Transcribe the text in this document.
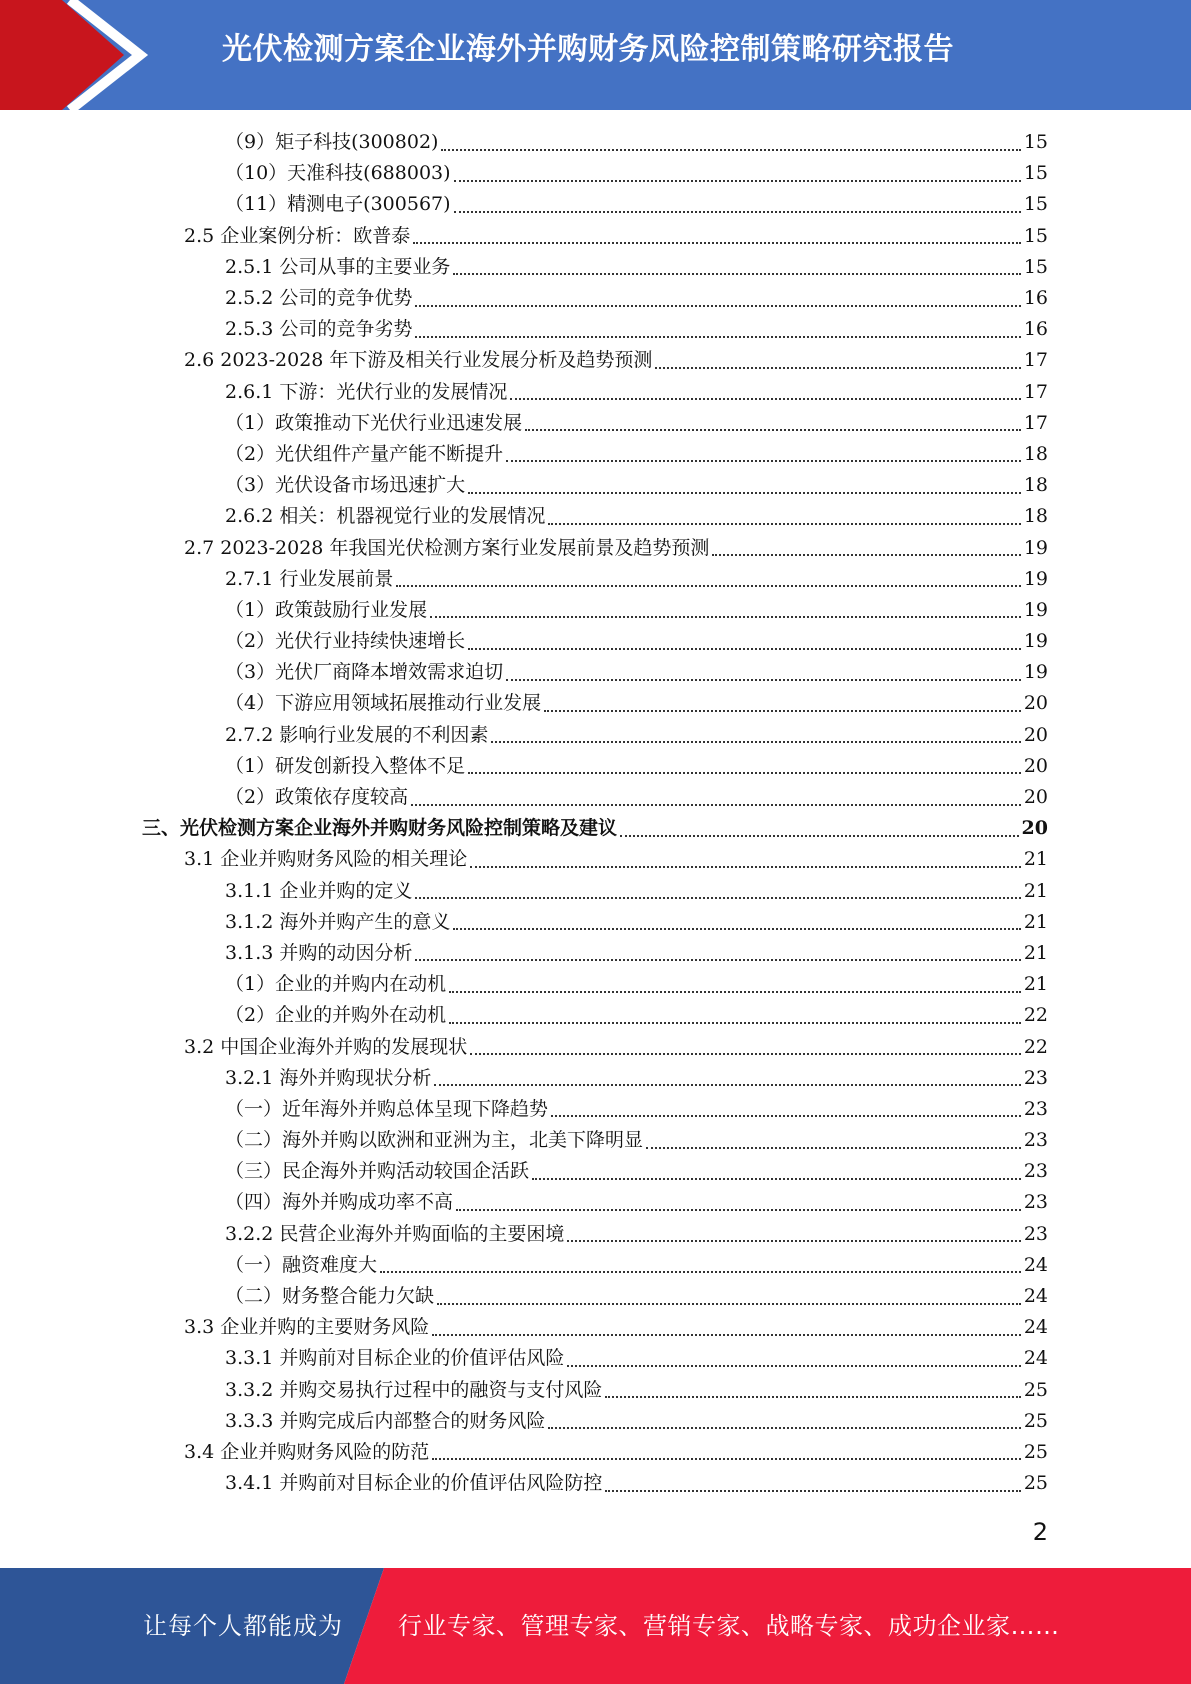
光伏检测方案企业海外并购财务风险控制策略研究报告
（9）矩子科技(300802)	15
（10）天准科技(688003)	15
（11）精测电子(300567)	15
2.5 企业案例分析：欧普泰	15
2.5.1 公司从事的主要业务	15
2.5.2 公司的竞争优势	16
2.5.3 公司的竞争劣势	16
2.6 2023-2028 年下游及相关行业发展分析及趋势预测	17
2.6.1 下游：光伏行业的发展情况	17
（1）政策推动下光伏行业迅速发展	17
（2）光伏组件产量产能不断提升	18
（3）光伏设备市场迅速扩大	18
2.6.2 相关：机器视觉行业的发展情况	18
2.7 2023-2028 年我国光伏检测方案行业发展前景及趋势预测	19
2.7.1 行业发展前景	19
（1）政策鼓励行业发展	19
（2）光伏行业持续快速增长	19
（3）光伏厂商降本增效需求迫切	19
（4）下游应用领域拓展推动行业发展	20
2.7.2 影响行业发展的不利因素	20
（1）研发创新投入整体不足	20
（2）政策依存度较高	20
三、光伏检测方案企业海外并购财务风险控制策略及建议	20
3.1 企业并购财务风险的相关理论	21
3.1.1 企业并购的定义	21
3.1.2 海外并购产生的意义	21
3.1.3 并购的动因分析	21
（1）企业的并购内在动机	21
（2）企业的并购外在动机	22
3.2 中国企业海外并购的发展现状	22
3.2.1 海外并购现状分析	23
（一）近年海外并购总体呈现下降趋势	23
（二）海外并购以欧洲和亚洲为主，北美下降明显	23
（三）民企海外并购活动较国企活跃	23
（四）海外并购成功率不高	23
3.2.2 民营企业海外并购面临的主要困境	23
（一）融资难度大	24
（二）财务整合能力欠缺	24
3.3 企业并购的主要财务风险	24
3.3.1 并购前对目标企业的价值评估风险	24
3.3.2 并购交易执行过程中的融资与支付风险	25
3.3.3 并购完成后内部整合的财务风险	25
3.4 企业并购财务风险的防范	25
3.4.1 并购前对目标企业的价值评估风险防控	25
2
让每个人都能成为 行业专家、管理专家、营销专家、战略专家、成功企业家……
